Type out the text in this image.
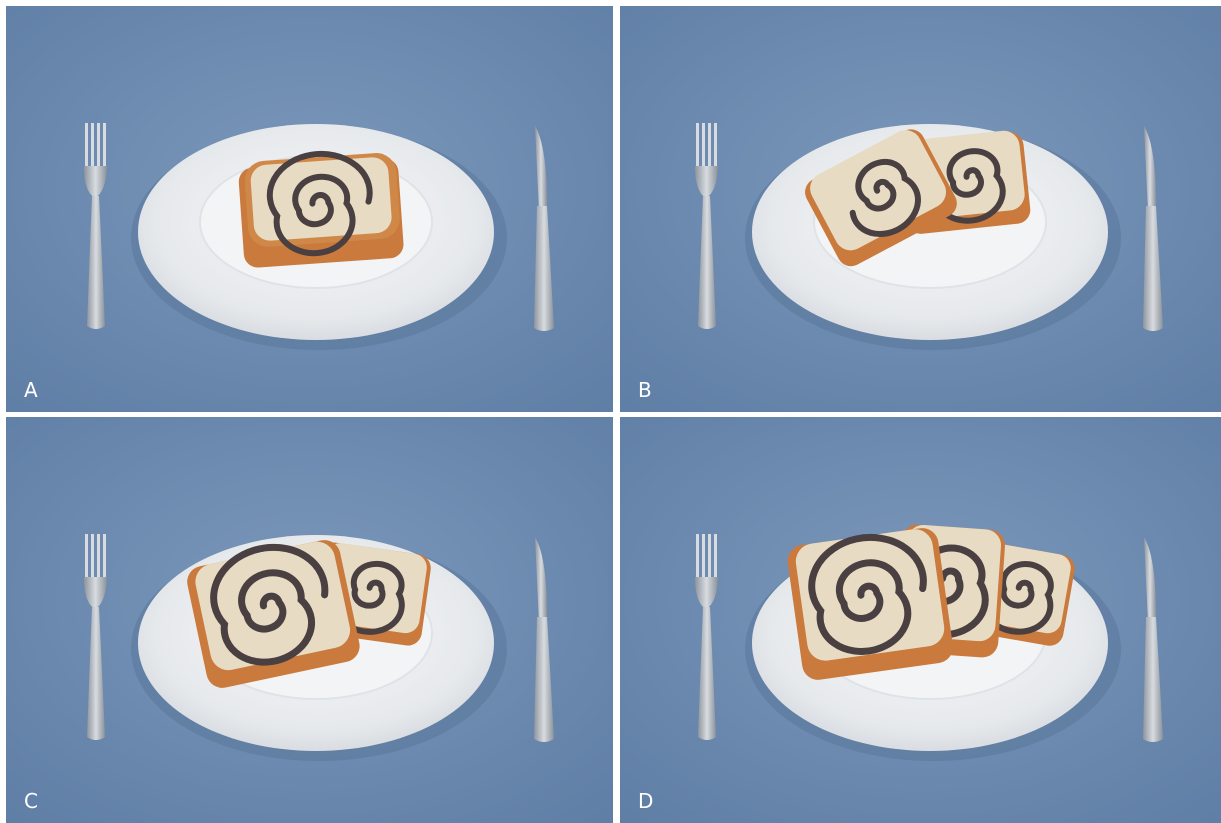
A	B
C	D
